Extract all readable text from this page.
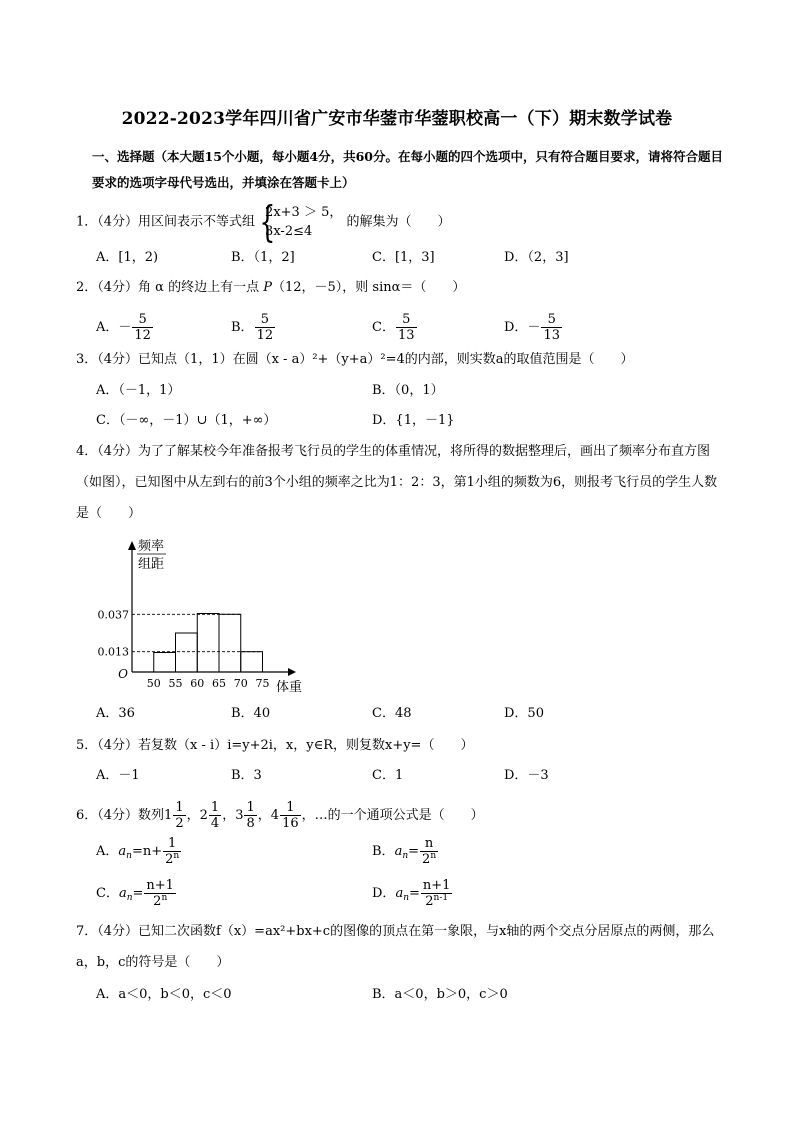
2022-2023学年四川省广安市华蓥市华蓥职校高一（下）期末数学试卷
一、选择题（本大题15个小题，每小题4分，共60分。在每小题的四个选项中，只有符合题目要求，请将符合题目要求的选项字母代号选出，并填涂在答题卡上）
1．（4分）用区间表示不等式组 {
2x+3 ＞ 5，
3x-2≤4
的解集为（　　）
A．[1，2)	B．（1，2]	C．[1，3]	D．（2，3]
2．（4分）角 α 的终边上有一点 P（12，－5），则 sinα＝（　　）
A．－ $\frac{5}{12}$	B． $\frac{5}{12}$	C． $\frac{5}{13}$	D．－ $\frac{5}{13}$
3．（4分）已知点（1，1）在圆（x - a）²+（y+a）²=4的内部，则实数a的取值范围是（　　）
A．（－1，1）	B．（0，1）
C．（－∞，－1）∪（1，+∞）	D．{1，－1}
4．（4分）为了了解某校今年准备报考飞行员的学生的体重情况，将所得的数据整理后，画出了频率分布直方图（如图），已知图中从左到右的前3个小组的频率之比为1：2：3，第1小组的频数为6，则报考飞行员的学生人数是（　　）
0.037
0.013
50 55 60 65 70 75
O
频率
组距
体重
A．36	B．40	C．48	D．50
5．（4分）若复数（x - i）i=y+2i，x，y∈R，则复数x+y=（　　）
A．－1	B．3	C．1	D．－3
6．（4分）数列$1 \frac{1}{2}$ ，$2 \frac{1}{4}$ ，$3 \frac{1}{8}$ ，$4 \frac{1}{16}$ ，…的一个通项公式是（　　）
A．$a_n=n+ \frac{1}{2^n}$	B．$a_n= \frac{n}{2^n}$
C．$a_n= \frac{n+1}{2^n}$	D．$a_n= \frac{n+1}{2^{n-1}}$
7．（4分）已知二次函数f（x）=ax²+bx+c的图像的顶点在第一象限，与x轴的两个交点分居原点的两侧，那么a，b，c的符号是（　　）
A．a＜0，b＜0，c＜0	B．a＜0，b＞0，c＞0
